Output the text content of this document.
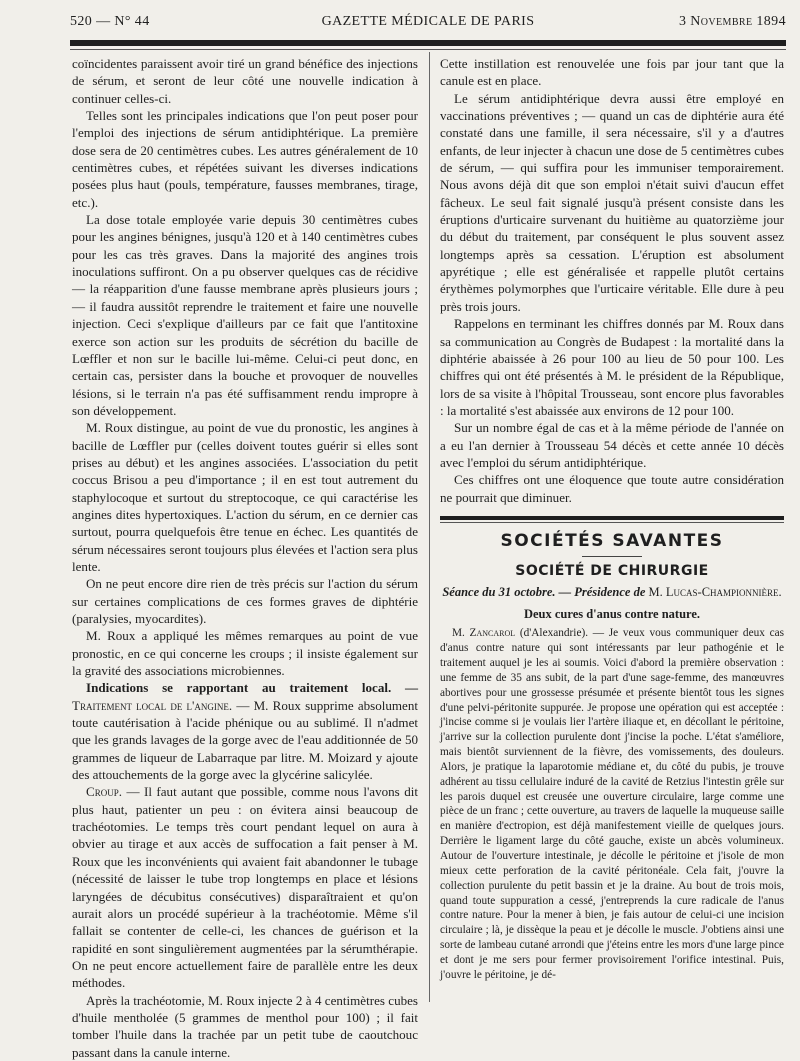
520 — N° 44	GAZETTE MÉDICALE DE PARIS	3 Novembre 1894

coïncidentes paraissent avoir tiré un grand bénéfice des injections de sérum, et seront de leur côté une nouvelle indication à continuer celles-ci.

Telles sont les principales indications que l'on peut poser pour l'emploi des injections de sérum antidiphtérique. La première dose sera de 20 centimètres cubes. Les autres généralement de 10 centimètres cubes, et répétées suivant les diverses indications posées plus haut (pouls, température, fausses membranes, tirage, etc.).

La dose totale employée varie depuis 30 centimètres cubes pour les angines bénignes, jusqu'à 120 et à 140 centimètres cubes pour les cas très graves. Dans la majorité des angines trois inoculations suffiront. On a pu observer quelques cas de récidive — la réapparition d'une fausse membrane après plusieurs jours ; — il faudra aussitôt reprendre le traitement et faire une nouvelle injection. Ceci s'explique d'ailleurs par ce fait que l'antitoxine exerce son action sur les produits de sécrétion du bacille de Lœffler et non sur le bacille lui-même. Celui-ci peut donc, en certain cas, persister dans la bouche et provoquer de nouvelles lésions, si le terrain n'a pas été suffisamment rendu impropre à son développement.

M. Roux distingue, au point de vue du pronostic, les angines à bacille de Lœffler pur (celles doivent toutes guérir si elles sont prises au début) et les angines associées. L'association du petit coccus Brisou a peu d'importance ; il en est tout autrement du staphylocoque et surtout du streptocoque, ce qui caractérise les angines dites hypertoxiques. L'action du sérum, en ce dernier cas surtout, pourra quelquefois être tenue en échec. Les quantités de sérum nécessaires seront toujours plus élevées et l'action sera plus lente.

On ne peut encore dire rien de très précis sur l'action du sérum sur certaines complications de ces formes graves de diphtérie (paralysies, myocardites).

M. Roux a appliqué les mêmes remarques au point de vue pronostic, en ce qui concerne les croups ; il insiste également sur la gravité des associations microbiennes.

Indications se rapportant au traitement local. — Traitement local de l'angine. — M. Roux supprime absolument toute cautérisation à l'acide phénique ou au sublimé. Il n'admet que les grands lavages de la gorge avec de l'eau additionnée de 50 grammes de liqueur de Labarraque par litre. M. Moizard y ajoute des attouchements de la gorge avec la glycérine salicylée.

Croup. — Il faut autant que possible, comme nous l'avons dit plus haut, patienter un peu : on évitera ainsi beaucoup de trachéotomies. Le temps très court pendant lequel on aura à obvier au tirage et aux accès de suffocation a fait penser à M. Roux que les inconvénients qui avaient fait abandonner le tubage (nécessité de laisser le tube trop longtemps en place et lésions laryngées de décubitus consécutives) disparaîtraient et qu'on aurait alors un procédé supérieur à la trachéotomie. Même s'il fallait se contenter de celle-ci, les chances de guérison et la rapidité en sont singulièrement augmentées par la sérumthérapie. On ne peut encore actuellement faire de parallèle entre les deux méthodes.

Après la trachéotomie, M. Roux injecte 2 à 4 centimètres cubes d'huile mentholée (5 grammes de menthol pour 100) ; il fait tomber l'huile dans la trachée par un petit tube de caoutchouc passant dans la canule interne.

Cette instillation est renouvelée une fois par jour tant que la canule est en place.

Le sérum antidiphtérique devra aussi être employé en vaccinations préventives ; — quand un cas de diphtérie aura été constaté dans une famille, il sera nécessaire, s'il y a d'autres enfants, de leur injecter à chacun une dose de 5 centimètres cubes de sérum, — qui suffira pour les immuniser temporairement. Nous avons déjà dit que son emploi n'était suivi d'aucun effet fâcheux. Le seul fait signalé jusqu'à présent consiste dans les éruptions d'urticaire survenant du huitième au quatorzième jour du début du traitement, par conséquent le plus souvent assez longtemps après sa cessation. L'éruption est absolument apyrétique ; elle est généralisée et rappelle plutôt certains érythèmes polymorphes que l'urticaire véritable. Elle dure à peu près trois jours.

Rappelons en terminant les chiffres donnés par M. Roux dans sa communication au Congrès de Budapest : la mortalité dans la diphtérie abaissée à 26 pour 100 au lieu de 50 pour 100. Les chiffres qui ont été présentés à M. le président de la République, lors de sa visite à l'hôpital Trousseau, sont encore plus favorables : la mortalité s'est abaissée aux environs de 12 pour 100.

Sur un nombre égal de cas et à la même période de l'année on a eu l'an dernier à Trousseau 54 décès et cette année 10 décès avec l'emploi du sérum antidiphtérique.

Ces chiffres ont une éloquence que toute autre considération ne pourrait que diminuer.

SOCIÉTÉS SAVANTES
SOCIÉTÉ DE CHIRURGIE
Séance du 31 octobre. — Présidence de M. Lucas-Championnière.
Deux cures d'anus contre nature.

M. Zancarol (d'Alexandrie). — Je veux vous communiquer deux cas d'anus contre nature qui sont intéressants par leur pathogénie et le traitement auquel je les ai soumis. Voici d'abord la première observation : une femme de 35 ans subit, de la part d'une sage-femme, des manœuvres abortives pour une grossesse présumée et présente bientôt tous les signes d'une pelvi-péritonite suppurée. Je propose une opération qui est acceptée : j'incise comme si je voulais lier l'artère iliaque et, en décollant le péritoine, j'arrive sur la collection purulente dont j'incise la poche. L'état s'améliore, mais bientôt surviennent de la fièvre, des vomissements, des douleurs. Alors, je pratique la laparotomie médiane et, du côté du pubis, je trouve adhérent au tissu cellulaire induré de la cavité de Retzius l'intestin grêle sur les parois duquel est creusée une ouverture circulaire, large comme une pièce de un franc ; cette ouverture, au travers de laquelle la muqueuse saille en manière d'ectropion, est déjà manifestement vieille de quelques jours. Derrière le ligament large du côté gauche, existe un abcès volumineux. Autour de l'ouverture intestinale, je décolle le péritoine et j'isole de mon mieux cette perforation de la cavité péritonéale. Cela fait, j'ouvre la collection purulente du petit bassin et je la draine. Au bout de trois mois, quand toute suppuration a cessé, j'entreprends la cure radicale de l'anus contre nature. Pour la mener à bien, je fais autour de celui-ci une incision circulaire ; là, je dissèque la peau et je décolle le muscle. J'obtiens ainsi une sorte de lambeau cutané arrondi que j'éteins entre les mors d'une large pince et dont je me sers pour fermer provisoirement l'orifice intestinal. Puis, j'ouvre le péritoine, je dé-
